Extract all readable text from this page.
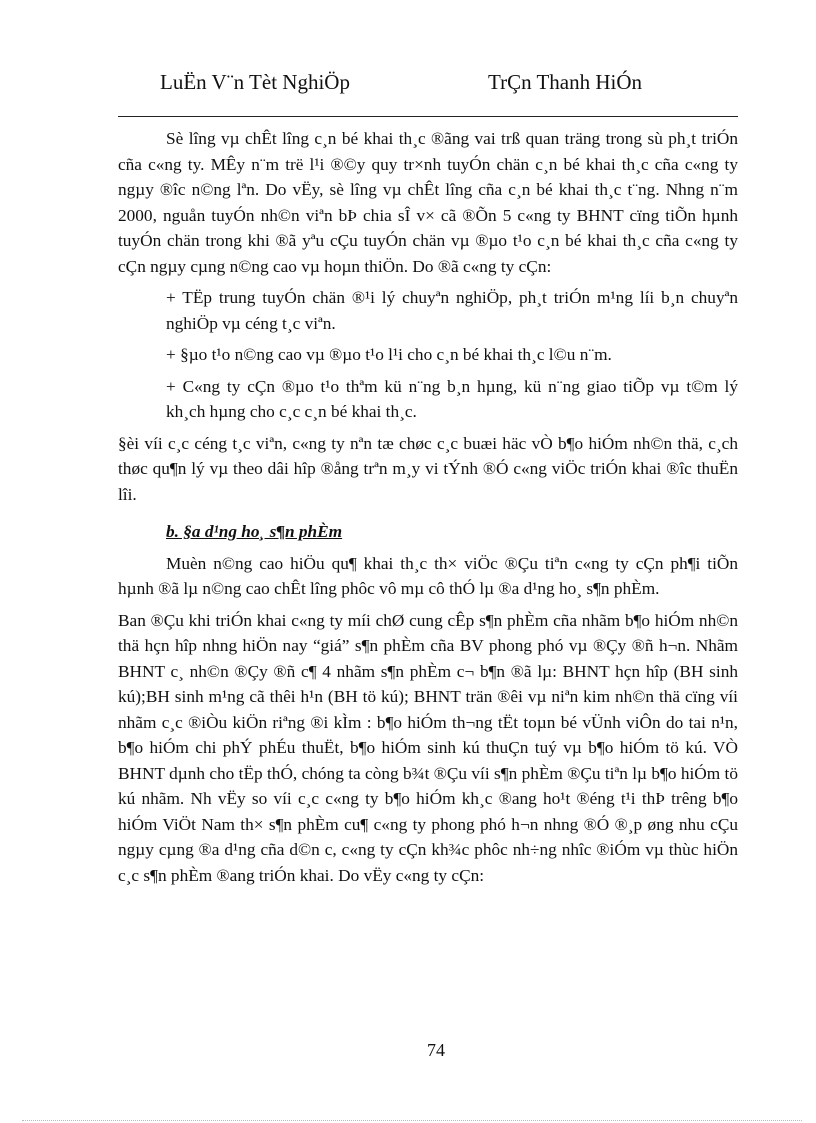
LuËn V¨n Tèt NghiÖp	TrÇn Thanh HiÓn

Sè lîng vµ chÊt lîng c¸n bé khai th¸c ®ãng vai trß quan träng trong sù ph¸t triÓn cña c«ng ty. MÊy n¨m trë l¹i ®©y quy tr×nh tuyÓn chän c¸n bé khai th¸c cña c«ng ty ngµy ®îc n©ng lªn. Do vËy, sè lîng vµ chÊt lîng cña c¸n bé khai th¸c t¨ng. Nhng n¨m 2000, nguån tuyÓn nh©n viªn bÞ chia sÎ v× cã ®Õn 5 c«ng ty BHNT cïng tiÕn hµnh tuyÓn chän trong khi ®ã yªu cÇu tuyÓn chän vµ ®µo t¹o c¸n bé khai th¸c cña c«ng ty cÇn ngµy cµng n©ng cao vµ hoµn thiÖn. Do ®ã c«ng ty cÇn:

+ TËp trung tuyÓn chän ®¹i lý chuyªn nghiÖp, ph¸t triÓn m¹ng líi b¸n chuyªn nghiÖp vµ céng t¸c viªn.

+ §µo t¹o n©ng cao vµ ®µo t¹o l¹i cho c¸n bé khai th¸c l©u n¨m.

+ C«ng ty cÇn ®µo t¹o thªm kü n¨ng b¸n hµng, kü n¨ng giao tiÕp vµ t©m lý kh¸ch hµng cho c¸c c¸n bé khai th¸c.

§èi víi c¸c céng t¸c viªn, c«ng ty nªn tæ chøc c¸c buæi häc vÒ b¶o hiÓm nh©n thä, c¸ch thøc qu¶n lý vµ theo dâi hîp ®ång trªn m¸y vi tÝnh ®Ó c«ng viÖc triÓn khai ®îc thuËn lîi.

b. §a d¹ng ho¸ s¶n phÈm

Muèn n©ng cao hiÖu qu¶ khai th¸c th× viÖc ®Çu tiªn c«ng ty cÇn ph¶i tiÕn hµnh ®ã lµ n©ng cao chÊt lîng phôc vô mµ cô thÓ lµ ®a d¹ng ho¸ s¶n phÈm.

Ban ®Çu khi triÓn khai c«ng ty míi chØ cung cÊp s¶n phÈm cña nhãm b¶o hiÓm nh©n thä hçn hîp nhng hiÖn nay “giá” s¶n phÈm cña BV phong phó vµ ®Çy ®ñ h¬n. Nhãm BHNT c¸ nh©n ®Çy ®ñ c¶ 4 nhãm s¶n phÈm c¬ b¶n ®ã lµ: BHNT hçn hîp (BH sinh kú);BH sinh m¹ng cã thêi h¹n (BH tö kú); BHNT trän ®êi vµ niªn kim nh©n thä cïng víi nhãm c¸c ®iÒu kiÖn riªng ®i kÌm : b¶o hiÓm th¬ng tËt toµn bé vÜnh viÔn do tai n¹n, b¶o hiÓm chi phÝ phÉu thuËt, b¶o hiÓm sinh kú thuÇn tuý vµ b¶o hiÓm tö kú. VÒ BHNT dµnh cho tËp thÓ, chóng ta còng b¾t ®Çu víi s¶n phÈm ®Çu tiªn lµ b¶o hiÓm tö kú nhãm. Nh vËy so víi c¸c c«ng ty b¶o hiÓm kh¸c ®ang ho¹t ®éng t¹i thÞ trêng b¶o hiÓm ViÖt Nam th× s¶n phÈm cu¶ c«ng ty phong phó h¬n nhng ®Ó ®¸p øng nhu cÇu ngµy cµng ®a d¹ng cña d©n c, c«ng ty cÇn kh¾c phôc nh÷ng nhîc ®iÓm vµ thùc hiÖn c¸c s¶n phÈm ®ang triÓn khai. Do vËy c«ng ty cÇn:

74
